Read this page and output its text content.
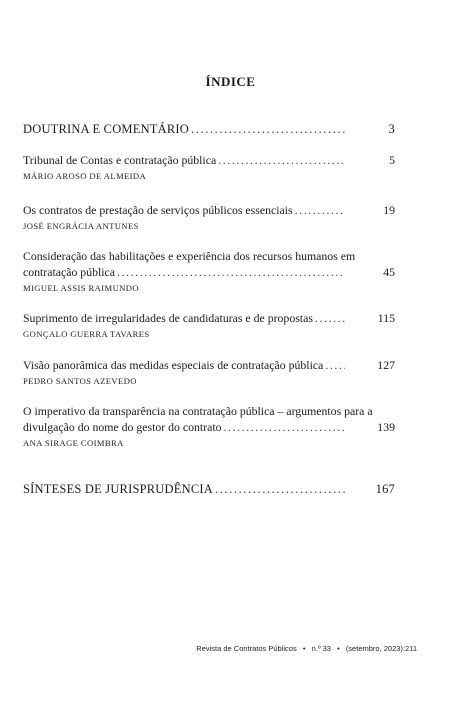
ÍNDICE
DOUTRINA E COMENTÁRIO .....	3
Tribunal de Contas e contratação pública .....	5
MÁRIO AROSO DE ALMEIDA
Os contratos de prestação de serviços públicos essenciais .....	19
JOSÉ ENGRÁCIA ANTUNES
Consideração das habilitações e experiência dos recursos humanos em
contratação pública .....	45
MIGUEL ASSIS RAIMUNDO
Suprimento de irregularidades de candidaturas e de propostas .....	115
GONÇALO GUERRA TAVARES
Visão panorâmica das medidas especiais de contratação pública .....	127
PEDRO SANTOS AZEVEDO
O imperativo da transparência na contratação pública – argumentos para a
divulgação do nome do gestor do contrato .....	139
ANA SIRAGE COIMBRA
SÍNTESES DE JURISPRUDÊNCIA .....	167
Revista de Contratos Públicos • n.º 33 • (setembro, 2023):211
